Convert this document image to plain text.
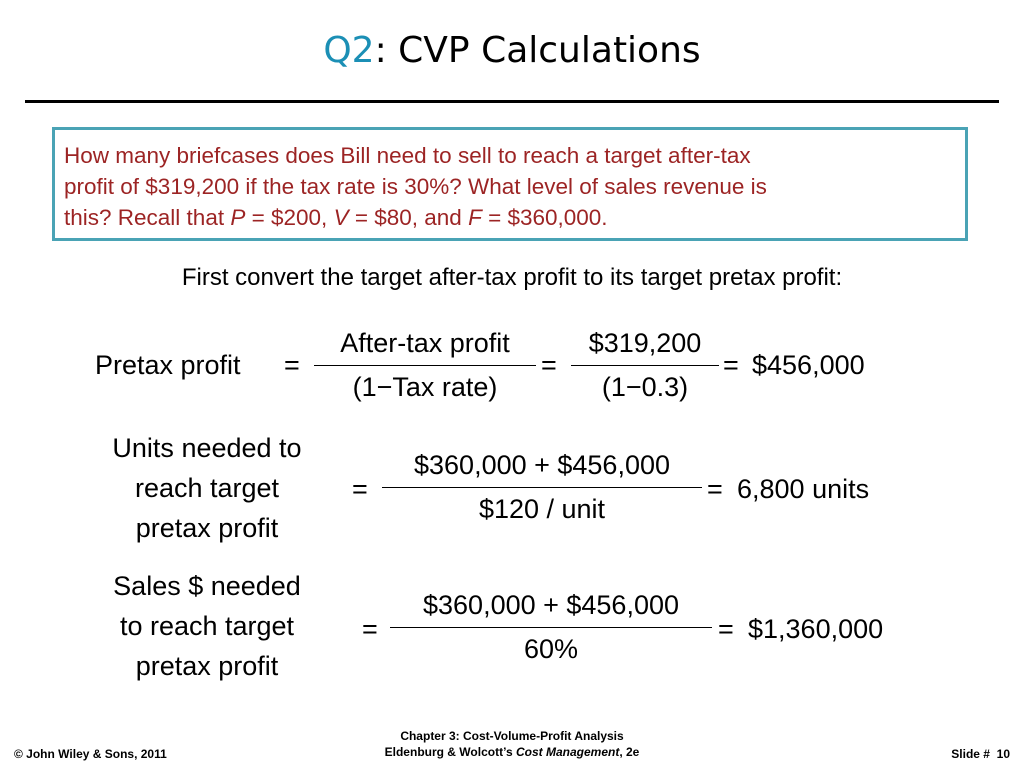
Q2: CVP Calculations
How many briefcases does Bill need to sell to reach a target after-tax
profit of $319,200 if the tax rate is 30%? What level of sales revenue is
this? Recall that P = $200, V = $80, and F = $360,000.
First convert the target after-tax profit to its target pretax profit:
Pretax profit =
After-tax profit
(1−Tax rate)
=
$319,200
(1−0.3)
= $456,000
Units needed to
reach target
pretax profit
=
$360,000 + $456,000
$120 / unit
= 6,800 units
Sales $ needed
to reach target
pretax profit
=
$360,000 + $456,000
60%
= $1,360,000
© John Wiley & Sons, 2011
Chapter 3: Cost-Volume-Profit Analysis
Eldenburg & Wolcott’s Cost Management, 2e	Slide #  10
